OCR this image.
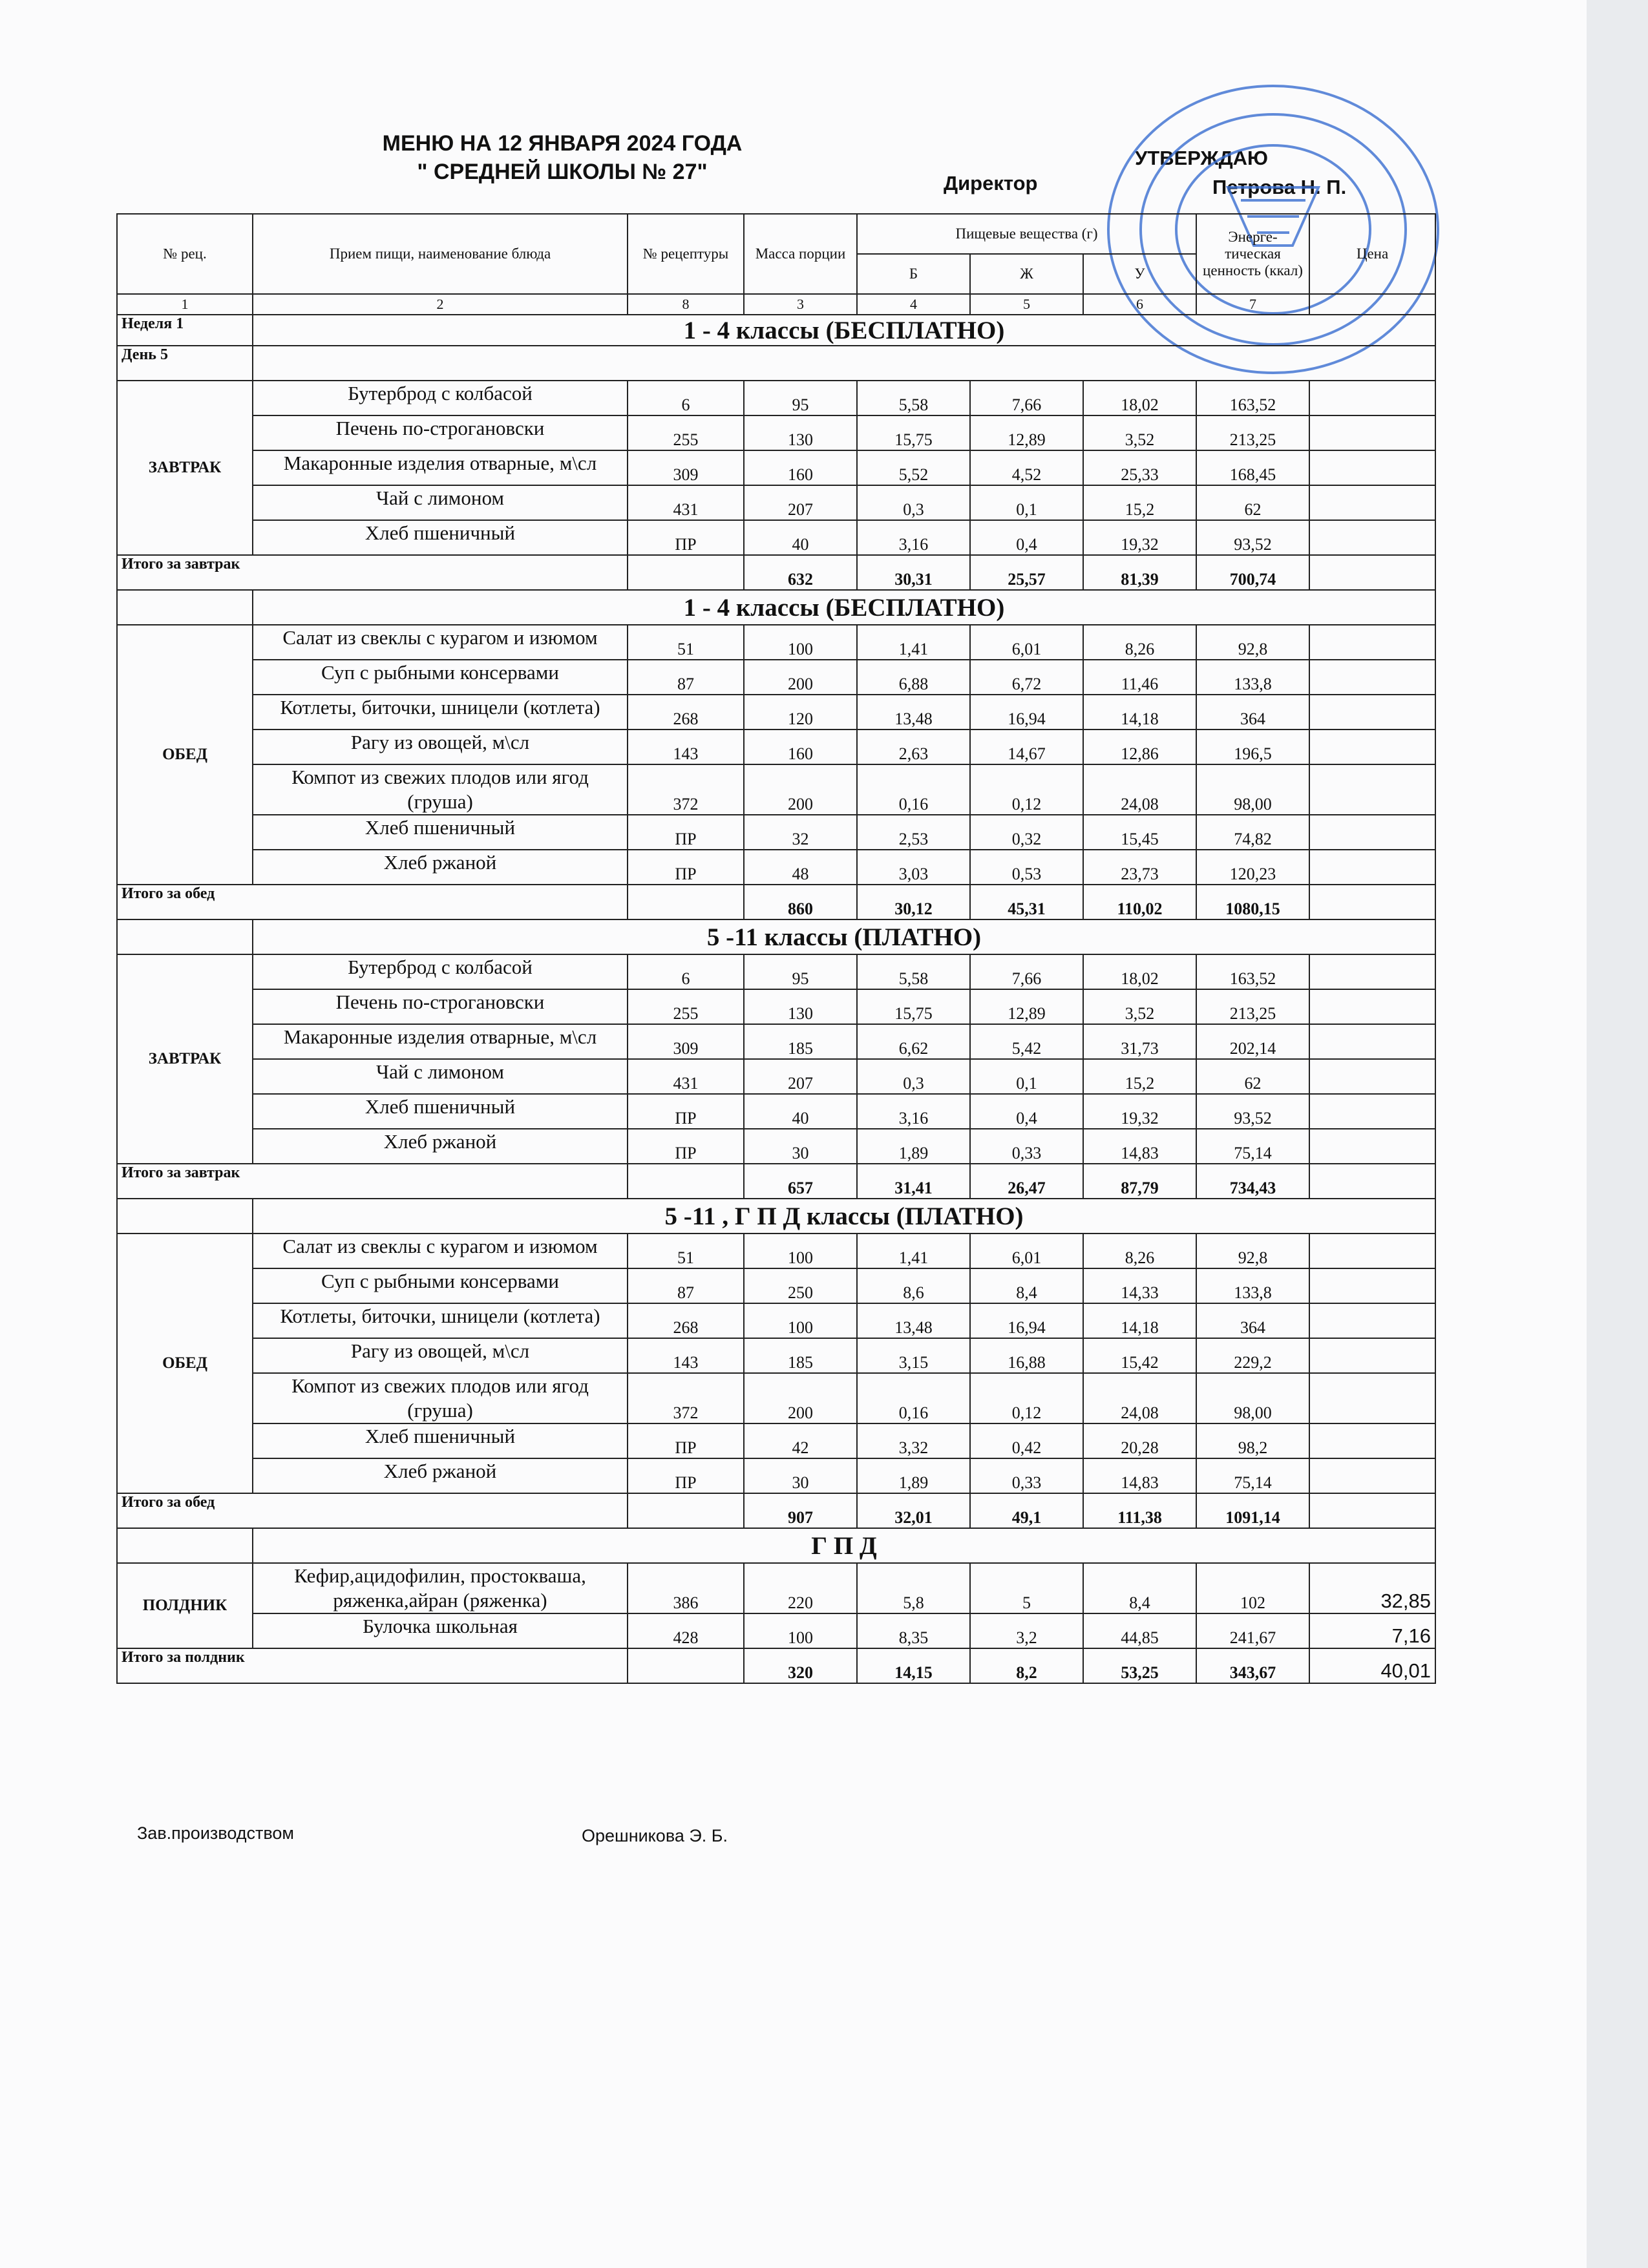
МЕНЮ НА 12 ЯНВАРЯ 2024 ГОДА
" СРЕДНЕЙ ШКОЛЫ № 27"	Директор
УТВЕРЖДАЮ
Петрова Н. П.
№ рец.	Прием пищи, наименование блюда	№ рецептуры	Масса порции	Пищевые вещества (г)			Энерге-тическая ценность (ккал)	Цена
				Б	Ж	У		
1	2	8	3	4	5	6	7	
Неделя 1	1 - 4 классы (БЕСПЛАТНО)							
День 5								
ЗАВТРАК	Бутерброд с колбасой	6	95	5,58	7,66	18,02	163,52	
	Печень по-строгановски	255	130	15,75	12,89	3,52	213,25	
	Макаронные изделия отварные, м\сл	309	160	5,52	4,52	25,33	168,45	
	Чай с лимоном	431	207	0,3	0,1	15,2	62	
	Хлеб пшеничный	ПР	40	3,16	0,4	19,32	93,52	
Итого за завтрак			632	30,31	25,57	81,39	700,74	
	1 - 4 классы (БЕСПЛАТНО)							
ОБЕД	Салат из свеклы с курагом и изюмом	51	100	1,41	6,01	8,26	92,8	
	Суп с рыбными консервами	87	200	6,88	6,72	11,46	133,8	
	Котлеты, биточки, шницели (котлета)	268	120	13,48	16,94	14,18	364	
	Рагу из овощей, м\сл	143	160	2,63	14,67	12,86	196,5	
	Компот из свежих плодов или ягод (груша)	372	200	0,16	0,12	24,08	98,00	
	Хлеб пшеничный	ПР	32	2,53	0,32	15,45	74,82	
	Хлеб ржаной	ПР	48	3,03	0,53	23,73	120,23	
Итого за обед			860	30,12	45,31	110,02	1080,15	
	5 -11 классы (ПЛАТНО)							
ЗАВТРАК	Бутерброд с колбасой	6	95	5,58	7,66	18,02	163,52	
	Печень по-строгановски	255	130	15,75	12,89	3,52	213,25	
	Макаронные изделия отварные, м\сл	309	185	6,62	5,42	31,73	202,14	
	Чай с лимоном	431	207	0,3	0,1	15,2	62	
	Хлеб пшеничный	ПР	40	3,16	0,4	19,32	93,52	
	Хлеб ржаной	ПР	30	1,89	0,33	14,83	75,14	
Итого за завтрак			657	31,41	26,47	87,79	734,43	
	5 -11 , Г П Д классы (ПЛАТНО)							
ОБЕД	Салат из свеклы с курагом и изюмом	51	100	1,41	6,01	8,26	92,8	
	Суп с рыбными консервами	87	250	8,6	8,4	14,33	133,8	
	Котлеты, биточки, шницели (котлета)	268	100	13,48	16,94	14,18	364	
	Рагу из овощей, м\сл	143	185	3,15	16,88	15,42	229,2	
	Компот из свежих плодов или ягод (груша)	372	200	0,16	0,12	24,08	98,00	
	Хлеб пшеничный	ПР	42	3,32	0,42	20,28	98,2	
	Хлеб ржаной	ПР	30	1,89	0,33	14,83	75,14	
Итого за обед			907	32,01	49,1	111,38	1091,14	
	Г П Д							
ПОЛДНИК	Кефир,ацидофилин, простокваша, ряженка,айран (ряженка)	386	220	5,8	5	8,4	102	32,85
	Булочка школьная	428	100	8,35	3,2	44,85	241,67	7,16
Итого за полдник			320	14,15	8,2	53,25	343,67	40,01
Зав.производством	Орешникова Э. Б.
